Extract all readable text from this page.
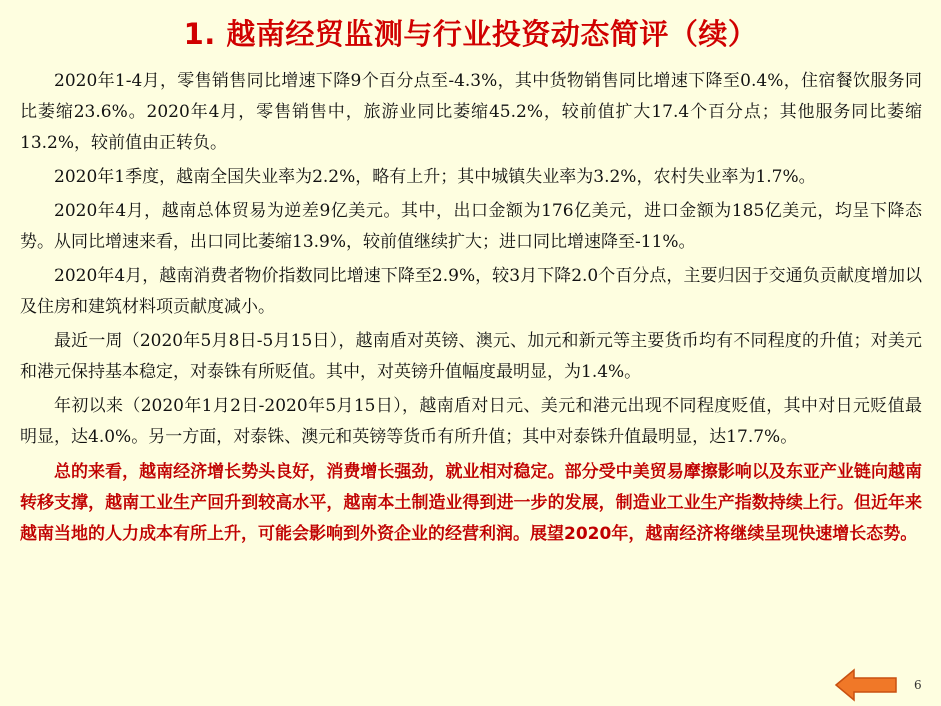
1. 越南经贸监测与行业投资动态简评（续）

2020年1-4月，零售销售同比增速下降9个百分点至-4.3%，其中货物销售同比增速下降至0.4%，住宿餐饮服务同比萎缩23.6%。2020年4月，零售销售中，旅游业同比萎缩45.2%，较前值扩大17.4个百分点；其他服务同比萎缩13.2%，较前值由正转负。

2020年1季度，越南全国失业率为2.2%，略有上升；其中城镇失业率为3.2%，农村失业率为1.7%。

2020年4月，越南总体贸易为逆差9亿美元。其中，出口金额为176亿美元，进口金额为185亿美元，均呈下降态势。从同比增速来看，出口同比萎缩13.9%，较前值继续扩大；进口同比增速降至-11%。

2020年4月，越南消费者物价指数同比增速下降至2.9%，较3月下降2.0个百分点，主要归因于交通负贡献度增加以及住房和建筑材料项贡献度减小。

最近一周（2020年5月8日-5月15日），越南盾对英镑、澳元、加元和新元等主要货币均有不同程度的升值；对美元和港元保持基本稳定，对泰铢有所贬值。其中，对英镑升值幅度最明显，为1.4%。

年初以来（2020年1月2日-2020年5月15日），越南盾对日元、美元和港元出现不同程度贬值，其中对日元贬值最明显，达4.0%。另一方面，对泰铢、澳元和英镑等货币有所升值；其中对泰铢升值最明显，达17.7%。

总的来看，越南经济增长势头良好，消费增长强劲，就业相对稳定。部分受中美贸易摩擦影响以及东亚产业链向越南转移支撑，越南工业生产回升到较高水平，越南本土制造业得到进一步的发展，制造业工业生产指数持续上行。但近年来越南当地的人力成本有所上升，可能会影响到外资企业的经营利润。展望2020年，越南经济将继续呈现快速增长态势。

6
